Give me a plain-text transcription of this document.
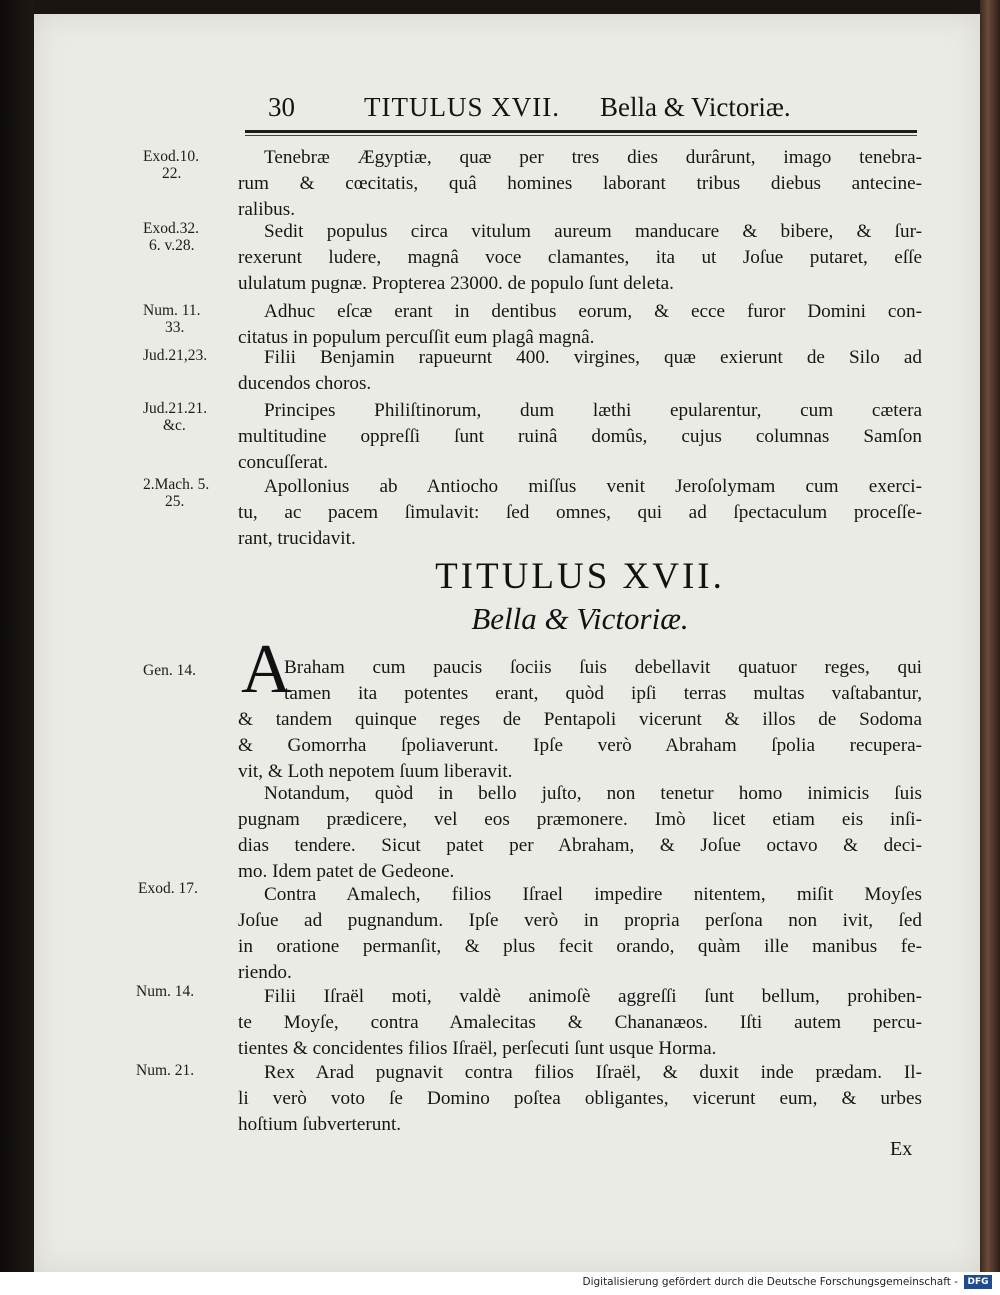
30	TITULUS XVII. Bella & Victoriæ.
Exod.10.
22.
Tenebræ Ægyptiæ, quæ per tres dies durârunt, imago tenebra-
rum & cœcitatis, quâ homines laborant tribus diebus antecine-
ralibus.
Exod.32.
6. v.28.
Sedit populus circa vitulum aureum manducare & bibere, & ſur-
rexerunt ludere, magnâ voce clamantes, ita ut Joſue putaret, eſſe
ululatum pugnæ. Propterea 23000. de populo ſunt deleta.
Num. 11.
33.
Adhuc eſcæ erant in dentibus eorum, & ecce furor Domini con-
citatus in populum percuſſit eum plagâ magnâ.
Jud.21,23.	Filii Benjamin rapueurnt 400. virgines, quæ exierunt de Silo ad
ducendos choros.
Jud.21.21.
&c.
Principes Philiſtinorum, dum læthi epularentur, cum cætera
multitudine oppreſſi ſunt ruinâ domûs, cujus columnas Samſon
concuſſerat.
2.Mach. 5.
25.
Apollonius ab Antiocho miſſus venit Jeroſolymam cum exerci-
tu, ac pacem ſimulavit: ſed omnes, qui ad ſpectaculum proceſſe-
rant, trucidavit.
TITULUS XVII.
Bella & Victoriæ.
Gen. 14. A
Braham cum paucis ſociis ſuis debellavit quatuor reges, qui
tamen ita potentes erant, quòd ipſi terras multas vaſtabantur,
& tandem quinque reges de Pentapoli vicerunt & illos de Sodoma
& Gomorrha ſpoliaverunt. Ipſe verò Abraham ſpolia recupera-
vit, & Loth nepotem ſuum liberavit.
Notandum, quòd in bello juſto, non tenetur homo inimicis ſuis
pugnam prædicere, vel eos præmonere. Imò licet etiam eis inſi-
dias tendere. Sicut patet per Abraham, & Joſue octavo & deci-
mo. Idem patet de Gedeone.
Exod. 17.	Contra Amalech, filios Iſrael impedire nitentem, miſit Moyſes
Joſue ad pugnandum. Ipſe verò in propria perſona non ivit, ſed
in oratione permanſit, & plus fecit orando, quàm ille manibus fe-
riendo.
Num. 14.	Filii Iſraël moti, valdè animoſè aggreſſi ſunt bellum, prohiben-
te Moyſe, contra Amalecitas & Chananæos. Iſti autem percu-
tientes & concidentes filios Iſraël, perſecuti ſunt usque Horma.
Num. 21.	Rex Arad pugnavit contra filios Iſraël, & duxit inde prædam. Il-
li verò voto ſe Domino poſtea obligantes, vicerunt eum, & urbes
hoſtium ſubverterunt.
Ex
Digitalisierung gefördert durch die Deutsche Forschungsgemeinschaft -	DFG
